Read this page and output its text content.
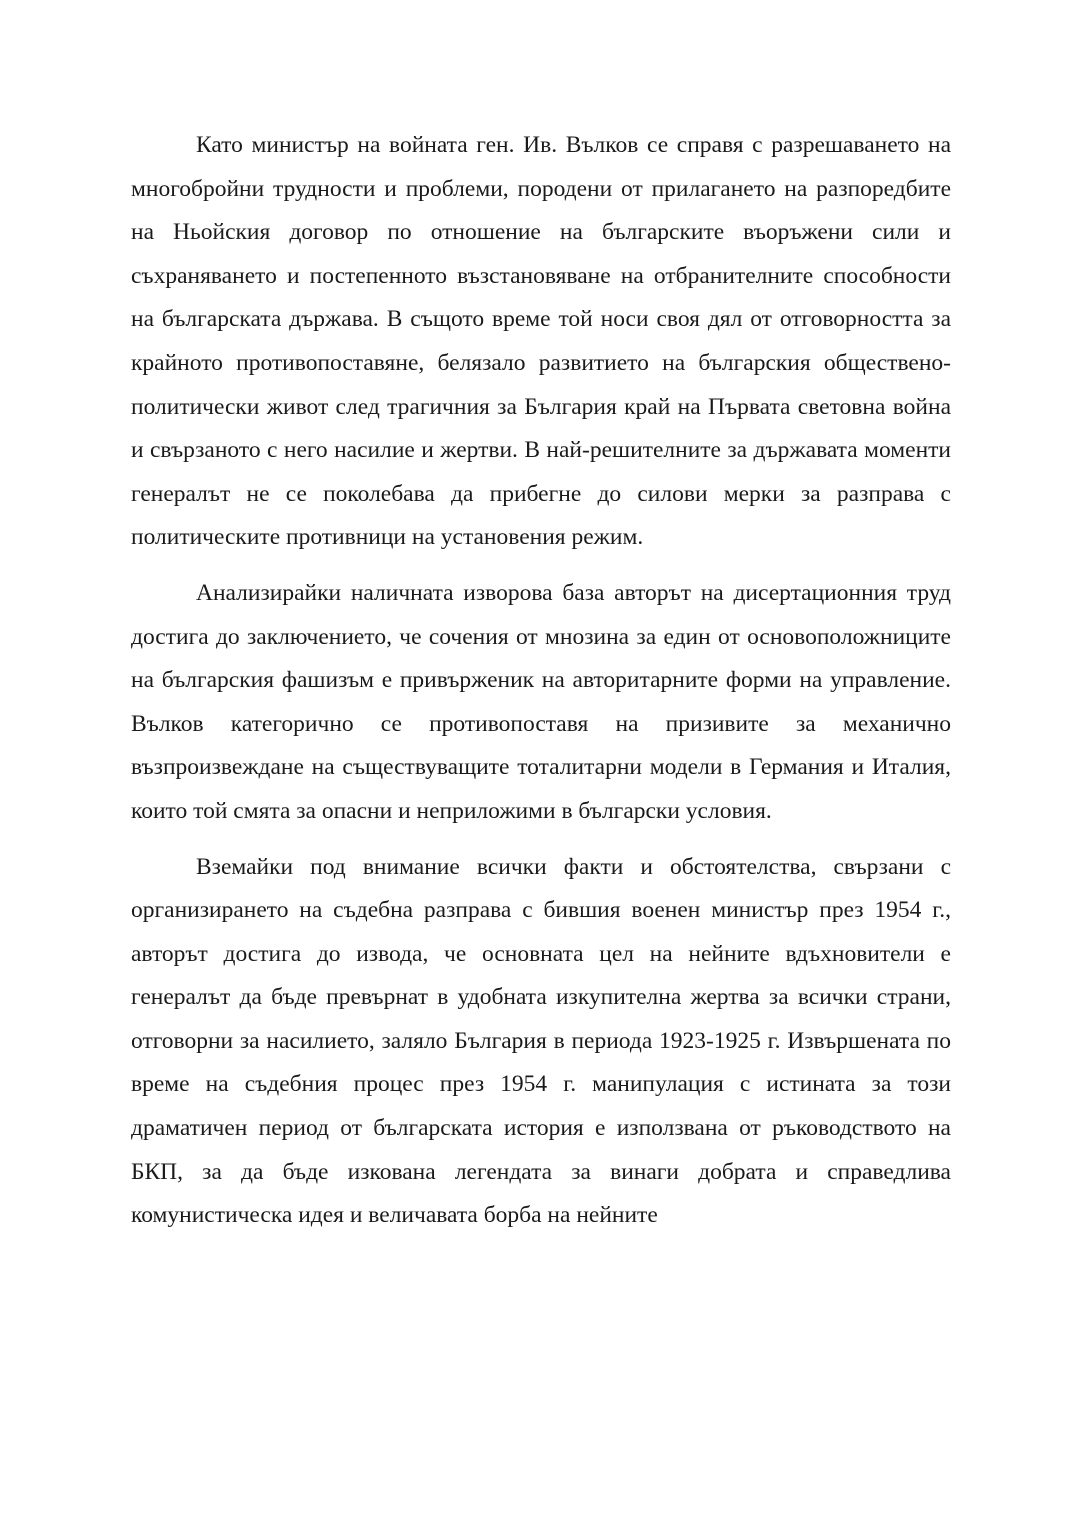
Като министър на войната ген. Ив. Вълков се справя с разрешаването на многобройни трудности и проблеми, породени от прилагането на разпоредбите на Ньойския договор по отношение на българските въоръжени сили и съхраняването и постепенното възстановяване на отбранителните способности на българската държава. В същото време той носи своя дял от отговорността за крайното противопоставяне, белязало развитието на българския обществено-политически живот след трагичния за България край на Първата световна война и свързаното с него насилие и жертви. В най-решителните за държавата моменти генералът не се поколебава да прибегне до силови мерки за разправа с политическите противници на установения режим.

Анализирайки наличната изворова база авторът на дисертационния труд достига до заключението, че сочения от мнозина за един от основоположниците на българския фашизъм е привърженик на авторитарните форми на управление. Вълков категорично се противопоставя на призивите за механично възпроизвеждане на съществуващите тоталитарни модели в Германия и Италия, които той смята за опасни и неприложими в български условия.

Вземайки под внимание всички факти и обстоятелства, свързани с организирането на съдебна разправа с бившия военен министър през 1954 г., авторът достига до извода, че основната цел на нейните вдъхновители е генералът да бъде превърнат в удобната изкупителна жертва за всички страни, отговорни за насилието, заляло България в периода 1923-1925 г. Извършената по време на съдебния процес през 1954 г. манипулация с истината за този драматичен период от българската история е използвана от ръководството на БКП, за да бъде изкована легендата за винаги добрата и справедлива комунистическа идея и величавата борба на нейните
